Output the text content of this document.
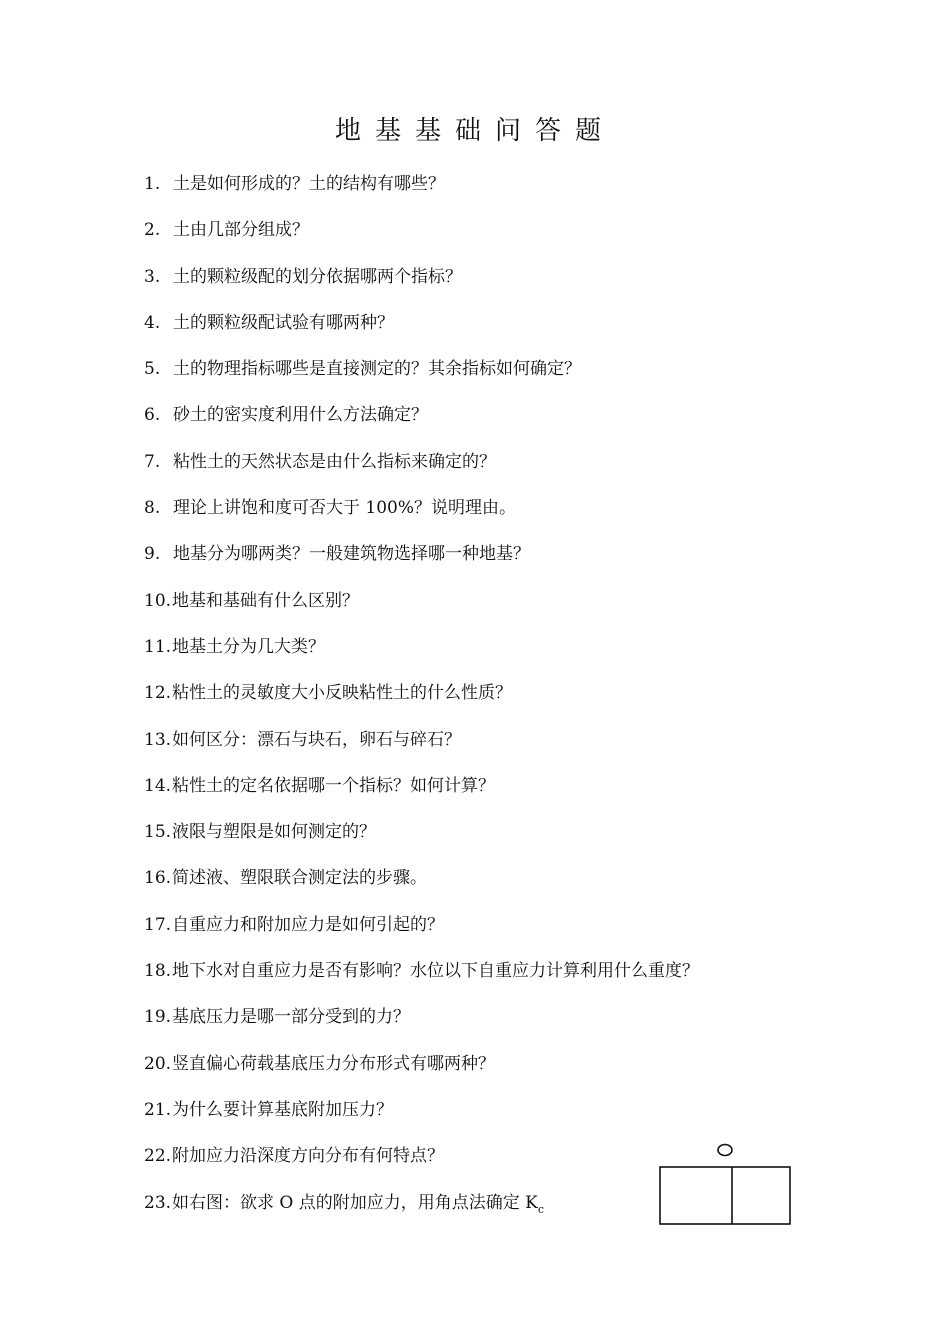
地基基础问答题
1. 土是如何形成的？土的结构有哪些？
2. 土由几部分组成？
3. 土的颗粒级配的划分依据哪两个指标？
4. 土的颗粒级配试验有哪两种？
5. 土的物理指标哪些是直接测定的？其余指标如何确定？
6. 砂土的密实度利用什么方法确定？
7. 粘性土的天然状态是由什么指标来确定的？
8. 理论上讲饱和度可否大于 100%？说明理由。
9. 地基分为哪两类？一般建筑物选择哪一种地基？
10.地基和基础有什么区别？
11.地基土分为几大类？
12.粘性土的灵敏度大小反映粘性土的什么性质？
13.如何区分：漂石与块石，卵石与碎石？
14.粘性土的定名依据哪一个指标？如何计算？
15.液限与塑限是如何测定的？
16.简述液、塑限联合测定法的步骤。
17.自重应力和附加应力是如何引起的？
18.地下水对自重应力是否有影响？水位以下自重应力计算利用什么重度？
19.基底压力是哪一部分受到的力？
20.竖直偏心荷载基底压力分布形式有哪两种？
21.为什么要计算基底附加压力？
22.附加应力沿深度方向分布有何特点？
23.如右图：欲求 O 点的附加应力，用角点法确定 $K_c$
